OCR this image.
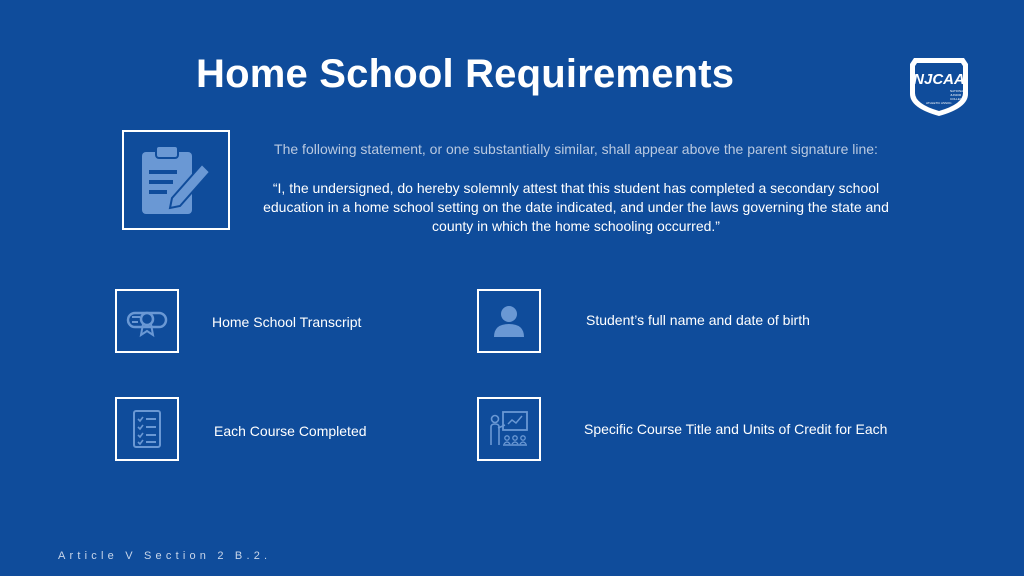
Home School Requirements	NJCAA
NATIONAL
JUNIOR
COLLEGE
ATHLETIC ASSOC.
The following statement, or one substantially similar, shall appear above the parent signature line:
“I, the undersigned, do hereby solemnly attest that this student has completed a secondary school education in a home school setting on the date indicated, and under the laws governing the state and county in which the home schooling occurred.”
Home School Transcript	Student’s full name and date of birth
Each Course Completed	Specific Course Title and Units of Credit for Each
Article V Section 2 B.2.
